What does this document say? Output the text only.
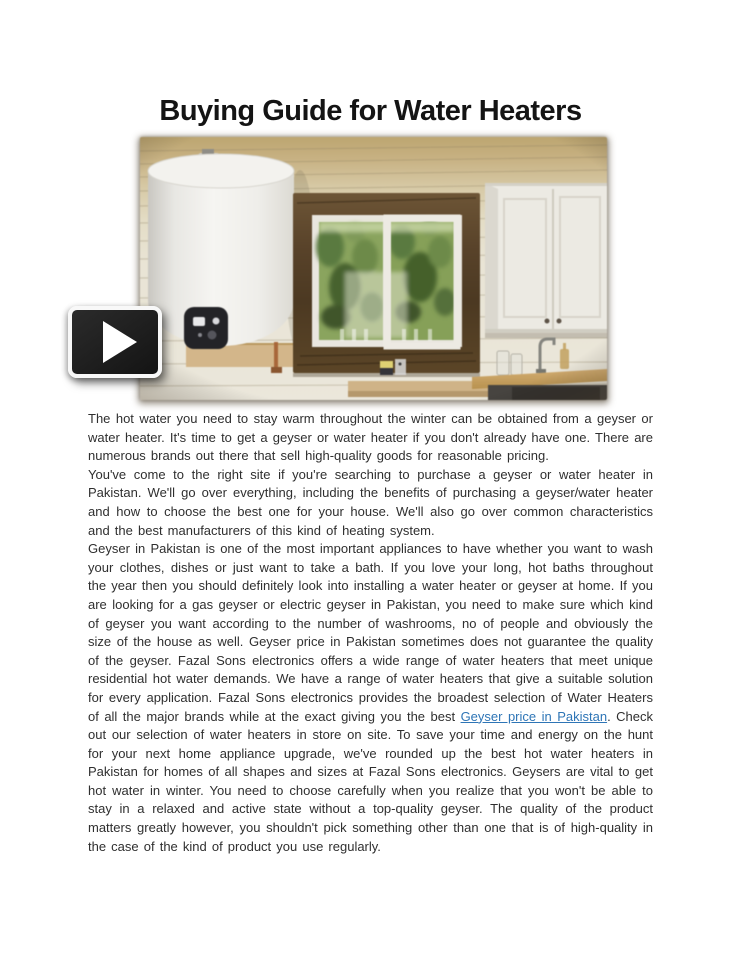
Buying Guide for Water Heaters

The hot water you need to stay warm throughout the winter can be obtained from a geyser or water heater. It's time to get a geyser or water heater if you don't already have one. There are numerous brands out there that sell high-quality goods for reasonable pricing.

You've come to the right site if you're searching to purchase a geyser or water heater in Pakistan. We'll go over everything, including the benefits of purchasing a geyser/water heater and how to choose the best one for your house. We'll also go over common characteristics and the best manufacturers of this kind of heating system.

Geyser in Pakistan is one of the most important appliances to have whether you want to wash your clothes, dishes or just want to take a bath. If you love your long, hot baths throughout the year then you should definitely look into installing a water heater or geyser at home. If you are looking for a gas geyser or electric geyser in Pakistan, you need to make sure which kind of geyser you want according to the number of washrooms, no of people and obviously the size of the house as well. Geyser price in Pakistan sometimes does not guarantee the quality of the geyser. Fazal Sons electronics offers a wide range of water heaters that meet unique residential hot water demands. We have a range of water heaters that give a suitable solution for every application. Fazal Sons electronics provides the broadest selection of Water Heaters of all the major brands while at the exact giving you the best Geyser price in Pakistan. Check out our selection of water heaters in store on site. To save your time and energy on the hunt for your next home appliance upgrade, we've rounded up the best hot water heaters in Pakistan for homes of all shapes and sizes at Fazal Sons electronics. Geysers are vital to get hot water in winter. You need to choose carefully when you realize that you won't be able to stay in a relaxed and active state without a top-quality geyser. The quality of the product matters greatly however, you shouldn't pick something other than one that is of high-quality in the case of the kind of product you use regularly.
